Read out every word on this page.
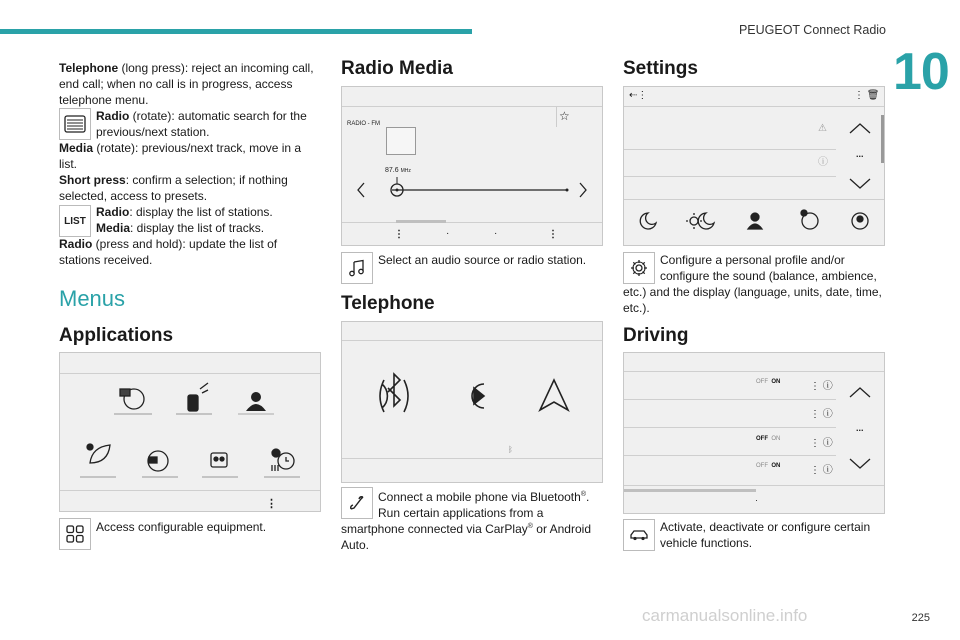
PEUGEOT Connect Radio
10
Telephone (long press): reject an incoming call,
end call; when no call is in progress, access
telephone menu.
Radio (rotate): automatic search for the
previous/next station.
Media (rotate): previous/next track, move in a
list.
Short press: confirm a selection; if nothing
selected, access to presets.
LIST
Radio: display the list of stations.
Media: display the list of tracks.
Radio (press and hold): update the list of
stations received.
Menus
Applications
⋮
Access configurable equipment.
Radio Media
RADIO - FM
☆
87.6 MHz
⋮	·	·	⋮
Select an audio source or radio station.
Telephone
ᛒ
Connect a mobile phone via Bluetooth®.
Run certain applications from a
smartphone connected via CarPlay® or Android
Auto.
Settings
⇠⋮	⋮ 🗑
⚠
ⓘ
...
Configure a personal profile and/or
configure the sound (balance, ambience,
etc.) and the display (language, units, date, time,
etc.).
Driving
OFF ON	⋮ ⓘ
⋮ ⓘ
OFF ON	⋮ ⓘ
OFF ON	⋮ ⓘ
...
·
Activate, deactivate or configure certain
vehicle functions.
carmanualsonline.info	225
